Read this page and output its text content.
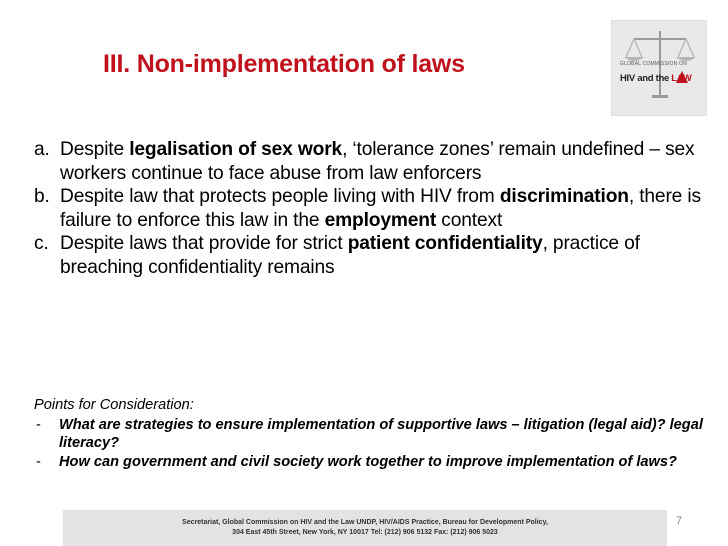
III. Non-implementation of laws	GLOBAL COMMISSION ON
HIV and the LAW
a. Despite legalisation of sex work, ‘tolerance zones’ remain undefined – sex workers continue to face abuse from law enforcers
b. Despite law that protects people living with HIV from discrimination, there is failure to enforce this law in the employment context
c. Despite laws that provide for strict patient confidentiality, practice of breaching confidentiality remains
Points for Consideration:
- What are strategies to ensure implementation of supportive laws – litigation (legal aid)? legal literacy?
- How can government and civil society work together to improve implementation of laws?
Secretariat, Global Commission on HIV and the Law UNDP, HIV/AIDS Practice, Bureau for Development Policy,
304 East 45th Street, New York, NY 10017 Tel: (212) 906 5132 Fax: (212) 906 5023
7
